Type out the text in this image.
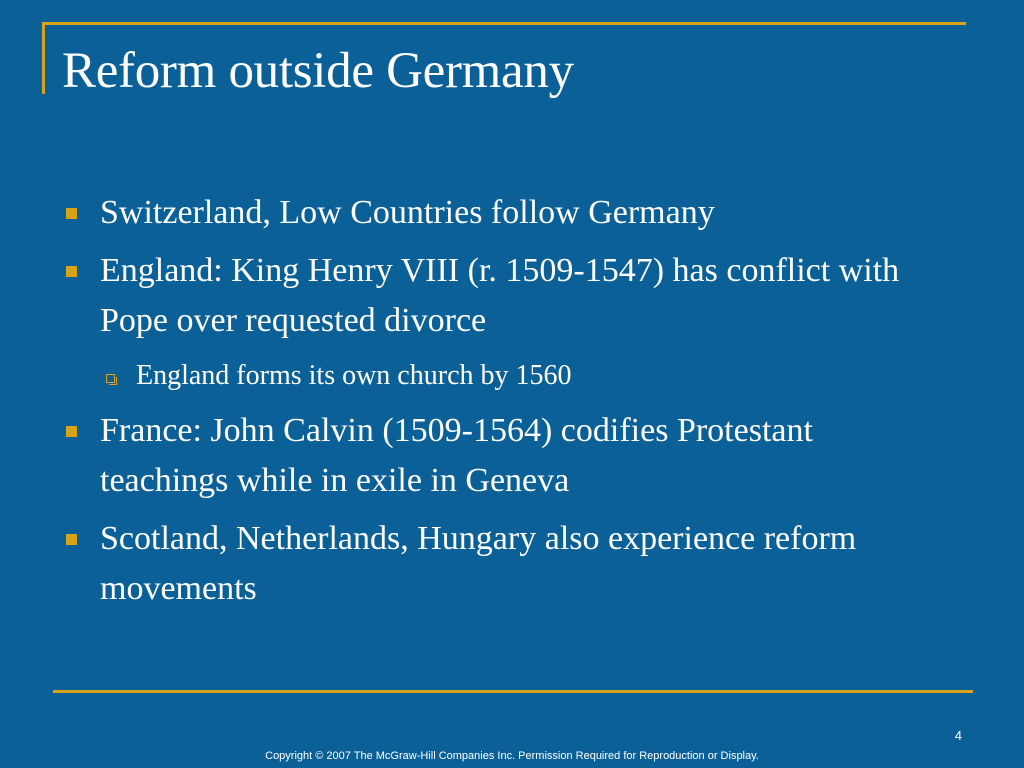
Reform outside Germany
Switzerland, Low Countries follow Germany
England: King Henry VIII (r. 1509-1547) has conflict with Pope over requested divorce
England forms its own church by 1560
France: John Calvin (1509-1564) codifies Protestant teachings while in exile in Geneva
Scotland, Netherlands, Hungary also experience reform movements
4
Copyright © 2007 The McGraw-Hill Companies Inc. Permission Required for Reproduction or Display.
